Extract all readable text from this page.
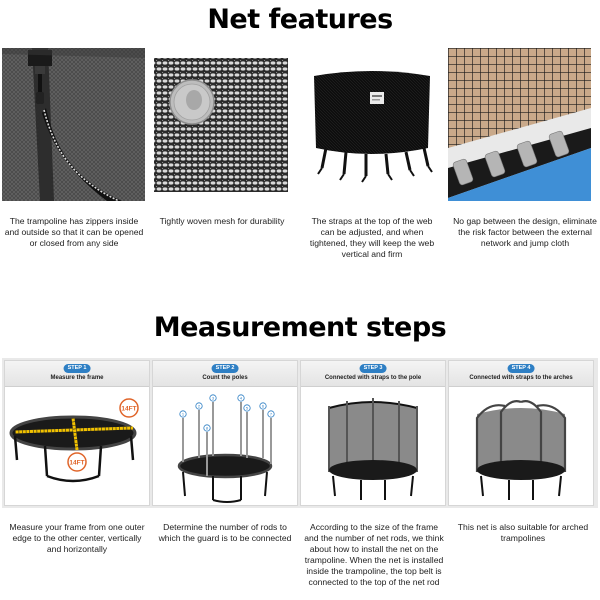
Net features
The trampoline has zippers inside and outside so that it can be opened or closed from any side
Tightly woven mesh for durability	The straps at the top of the web can be adjusted, and when tightened, they will keep the web vertical and firm
No gap between the design, eliminate the risk factor between the external network and jump cloth
Measurement steps
STEP 1
Measure the frame
14FT
14FT
STEP 2
Count the poles
1
2
3	4
5	6
7
8
STEP 3
Connected with straps to the pole
STEP 4
Connected with straps to the arches
Measure your frame from one outer edge to the other center, vertically and horizontally
Determine the number of rods to which the guard is to be connected
According to the size of the frame and the number of net rods, we think about how to install the net on the trampoline. When the net is installed inside the trampoline, the top belt is connected to the top of the net rod
This net is also suitable for arched trampolines
